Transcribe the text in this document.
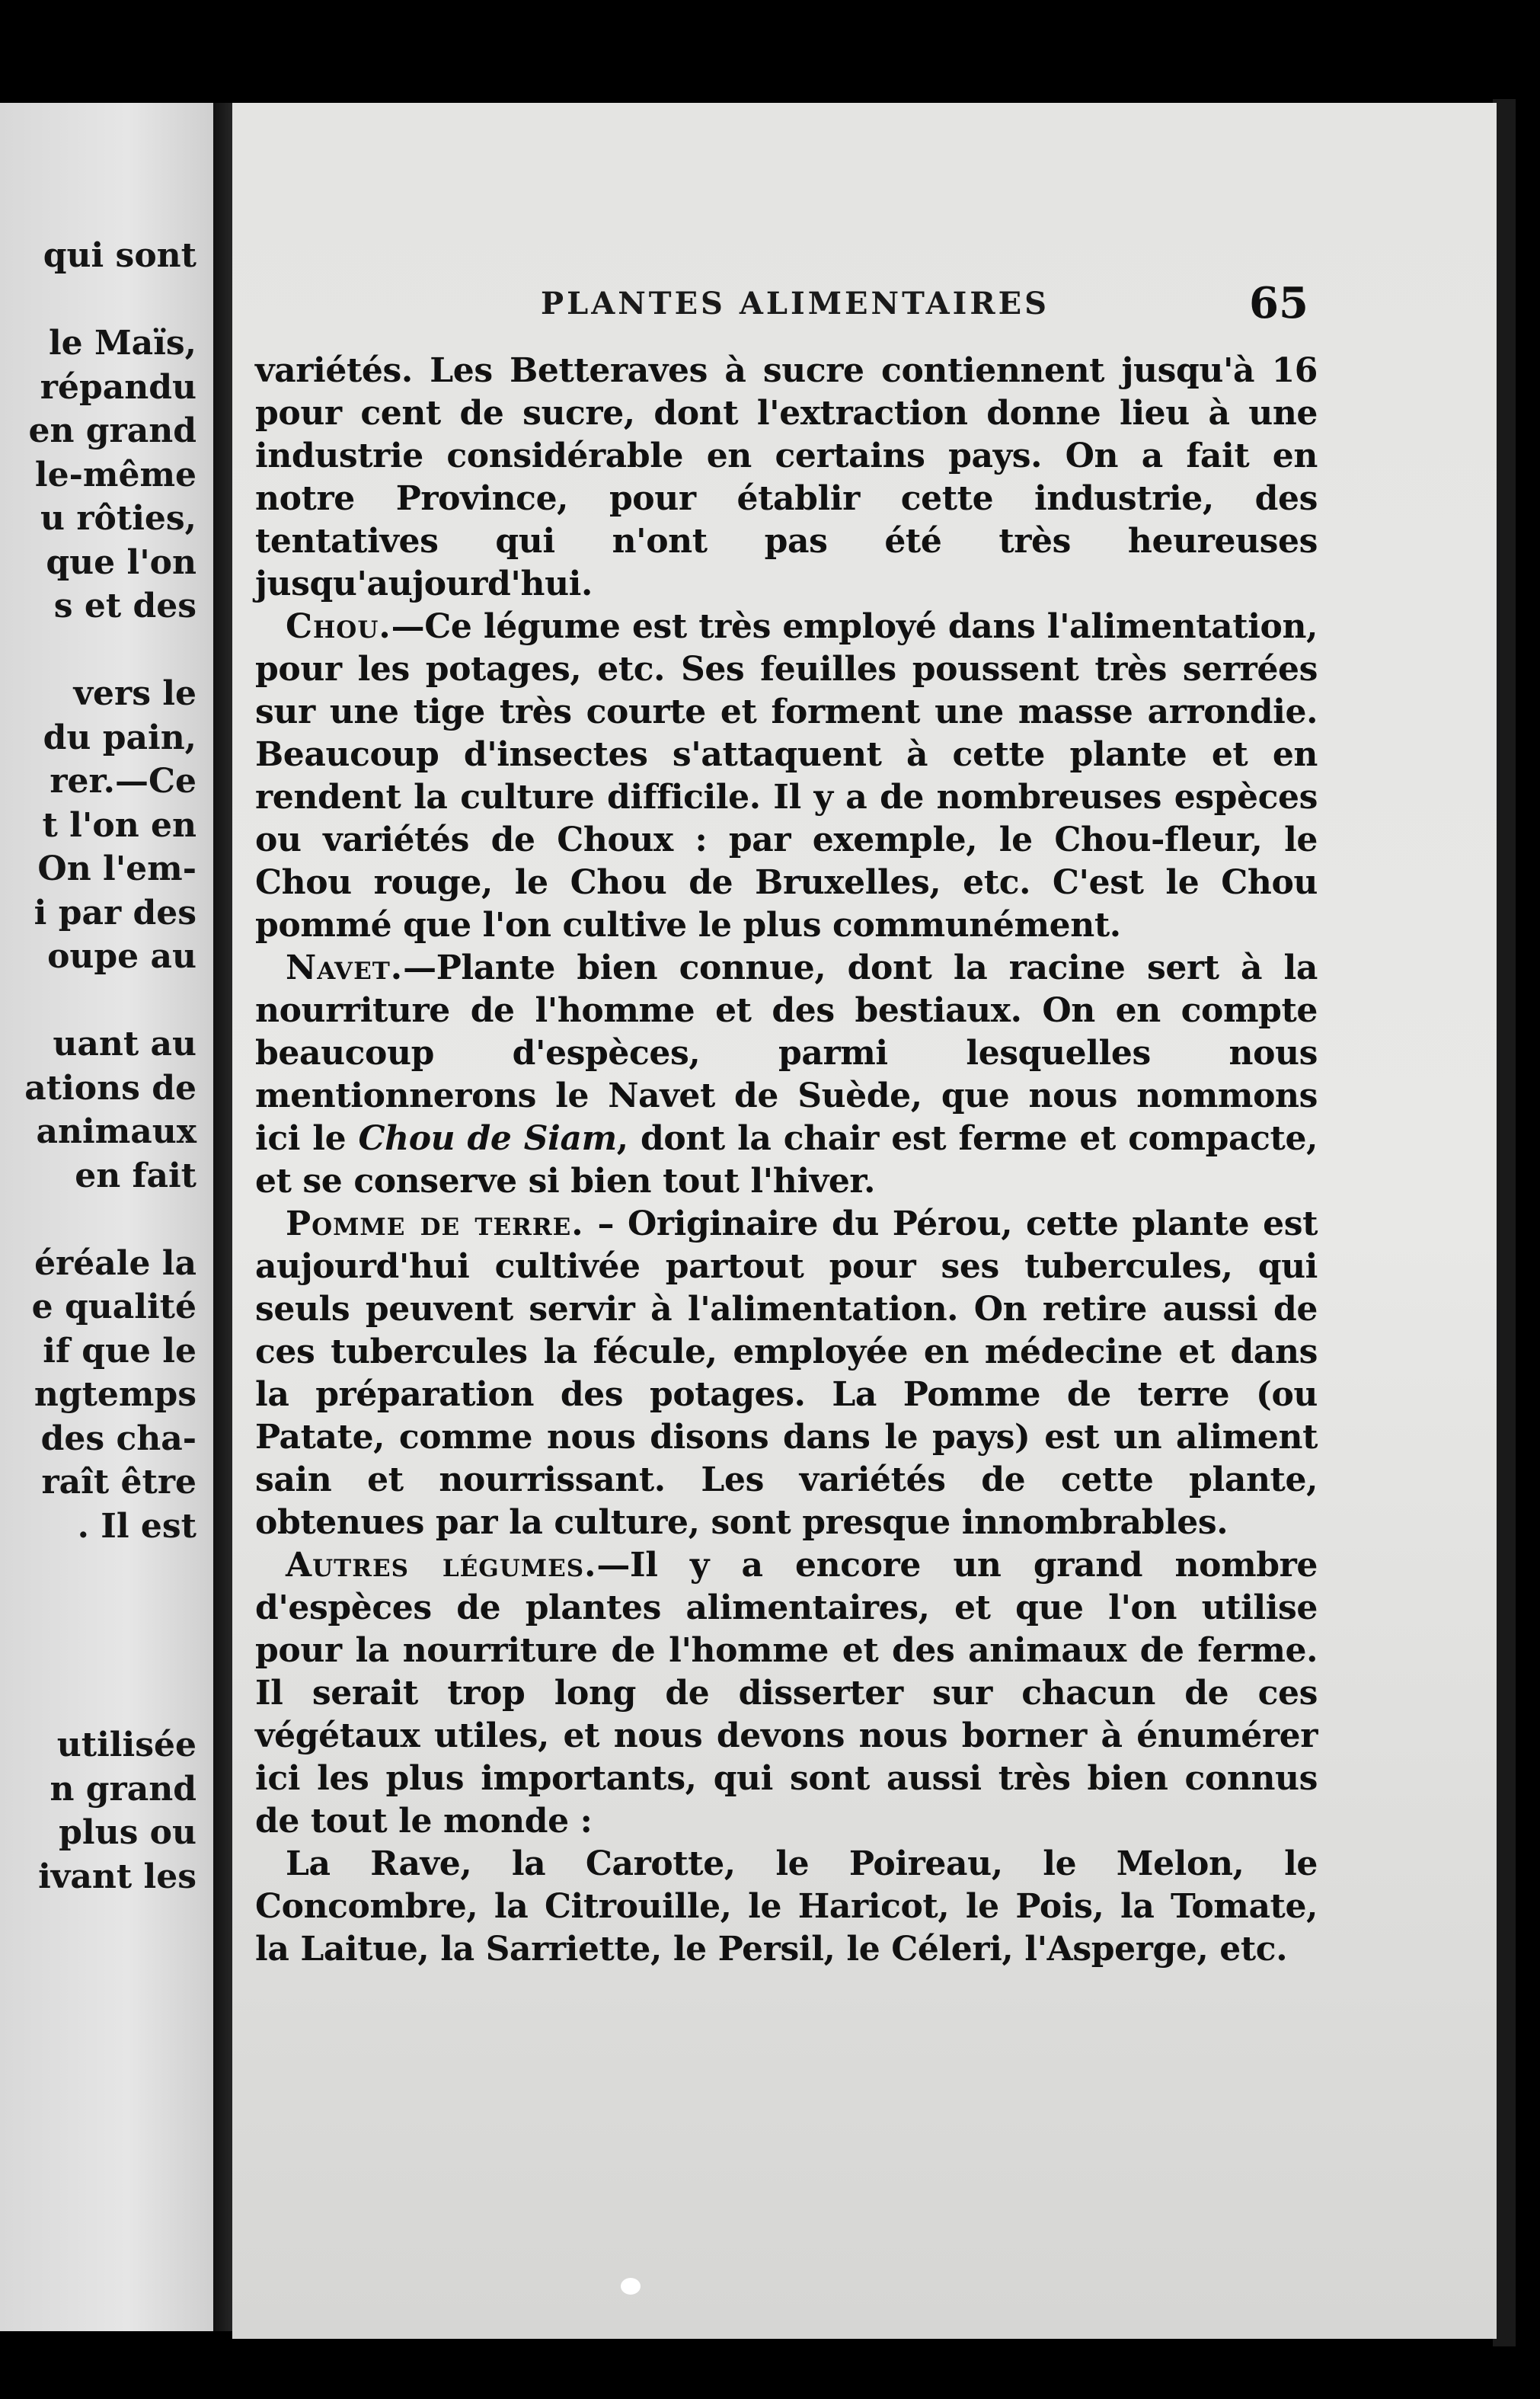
qui sont
le Maïs,
répandu
en grand
le-même
u rôties,
que l'on
s et des
vers le
du pain,
rer.—Ce
t l'on en
On l'em-
i par des
oupe au
uant au
ations de
animaux
en fait
éréale la
e qualité
if que le
ngtemps
des cha-
raît être
. Il est
utilisée
n grand
plus ou
ivant les
PLANTES ALIMENTAIRES	65

variétés. Les Betteraves à sucre contiennent jusqu'à 16 pour cent de sucre, dont l'extraction donne lieu à une industrie considérable en certains pays. On a fait en notre Province, pour établir cette industrie, des tentatives qui n'ont pas été très heureuses jusqu'aujourd'hui.

Chou.—Ce légume est très employé dans l'alimentation, pour les potages, etc. Ses feuilles poussent très serrées sur une tige très courte et forment une masse arrondie. Beaucoup d'insectes s'attaquent à cette plante et en rendent la culture difficile. Il y a de nombreuses espèces ou variétés de Choux : par exemple, le Chou-fleur, le Chou rouge, le Chou de Bruxelles, etc. C'est le Chou pommé que l'on cultive le plus communément.

Navet.—Plante bien connue, dont la racine sert à la nourriture de l'homme et des bestiaux. On en compte beaucoup d'espèces, parmi lesquelles nous mentionnerons le Navet de Suède, que nous nommons ici le Chou de Siam, dont la chair est ferme et compacte, et se conserve si bien tout l'hiver.

Pomme de terre. – Originaire du Pérou, cette plante est aujourd'hui cultivée partout pour ses tubercules, qui seuls peuvent servir à l'alimentation. On retire aussi de ces tubercules la fécule, employée en médecine et dans la préparation des potages. La Pomme de terre (ou Patate, comme nous disons dans le pays) est un aliment sain et nourrissant. Les variétés de cette plante, obtenues par la culture, sont presque innombrables.

Autres légumes.—Il y a encore un grand nombre d'espèces de plantes alimentaires, et que l'on utilise pour la nourriture de l'homme et des animaux de ferme. Il serait trop long de disserter sur chacun de ces végétaux utiles, et nous devons nous borner à énumérer ici les plus importants, qui sont aussi très bien connus de tout le monde :

La Rave, la Carotte, le Poireau, le Melon, le Concombre, la Citrouille, le Haricot, le Pois, la Tomate, la Laitue, la Sarriette, le Persil, le Céleri, l'Asperge, etc.
